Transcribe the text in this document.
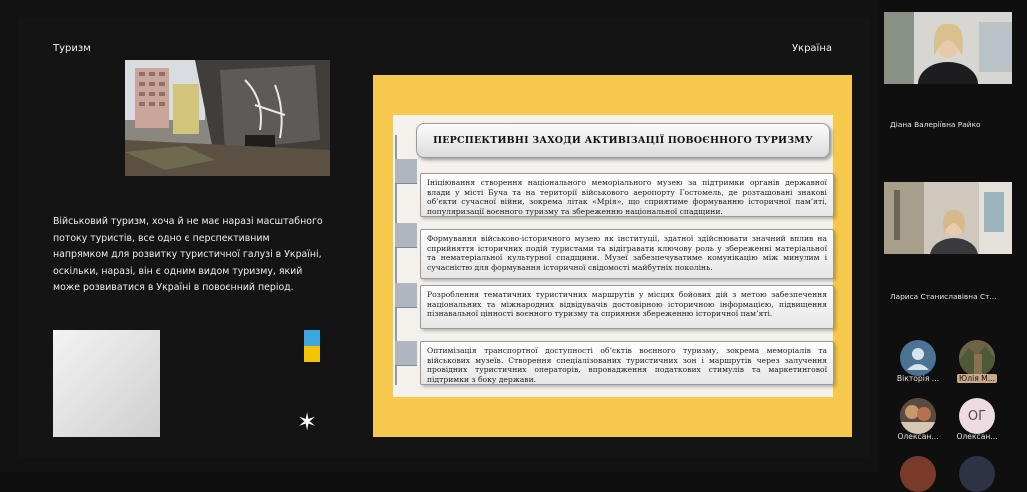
Туризм	Україна
Військовий туризм, хоча й не має наразі масштабного потоку туристів, все одно є перспективним напрямком для розвитку туристичної галузі в Україні, оскільки, наразі, він є одним видом туризму, який може розвиватися в Україні в повоєнний період.
✶
ПЕРСПЕКТИВНІ ЗАХОДИ АКТИВІЗАЦІЇ ПОВОЄННОГО ТУРИЗМУ
Ініціювання створення національного меморіального музею за підтримки органів державної влади у місті Буча та на території військового аеропорту Гостомель, де розташовані знакові об’єкти сучасної війни, зокрема літак «Мрія», що сприятиме формуванню історичної пам’яті, популяризації воєнного туризму та збереженню національної спадщини.
Формування військово-історичного музею як інституції, здатної здійснювати значний вплив на сприйняття історичних подій туристами та відігравати ключову роль у збереженні матеріальної та нематеріальної культурної спадщини. Музеї забезпечуватиме комунікацію між минулим і сучасністю для формування історичної свідомості майбутніх поколінь.
Розроблення тематичних туристичних маршрутів у місцях бойових дій з метою забезпечення національних та міжнародних відвідувачів достовірною історичною інформацією, підвищення пізнавальної цінності воєнного туризму та сприяння збереженню історичної пам’яті.
Оптимізація транспортної доступності об’єктів воєнного туризму, зокрема меморіалів та військових музеїв. Створення спеціалізованих туристичних зон і маршрутів через залучення провідних туристичних операторів, впровадження податкових стимулів та маркетингової підтримки з боку держави.
Діана Валеріївна Райко
Лариса Станиславівна Ст...
Вікторія ...	Юлія М...
Олексан...
ОГ
Олексан...
